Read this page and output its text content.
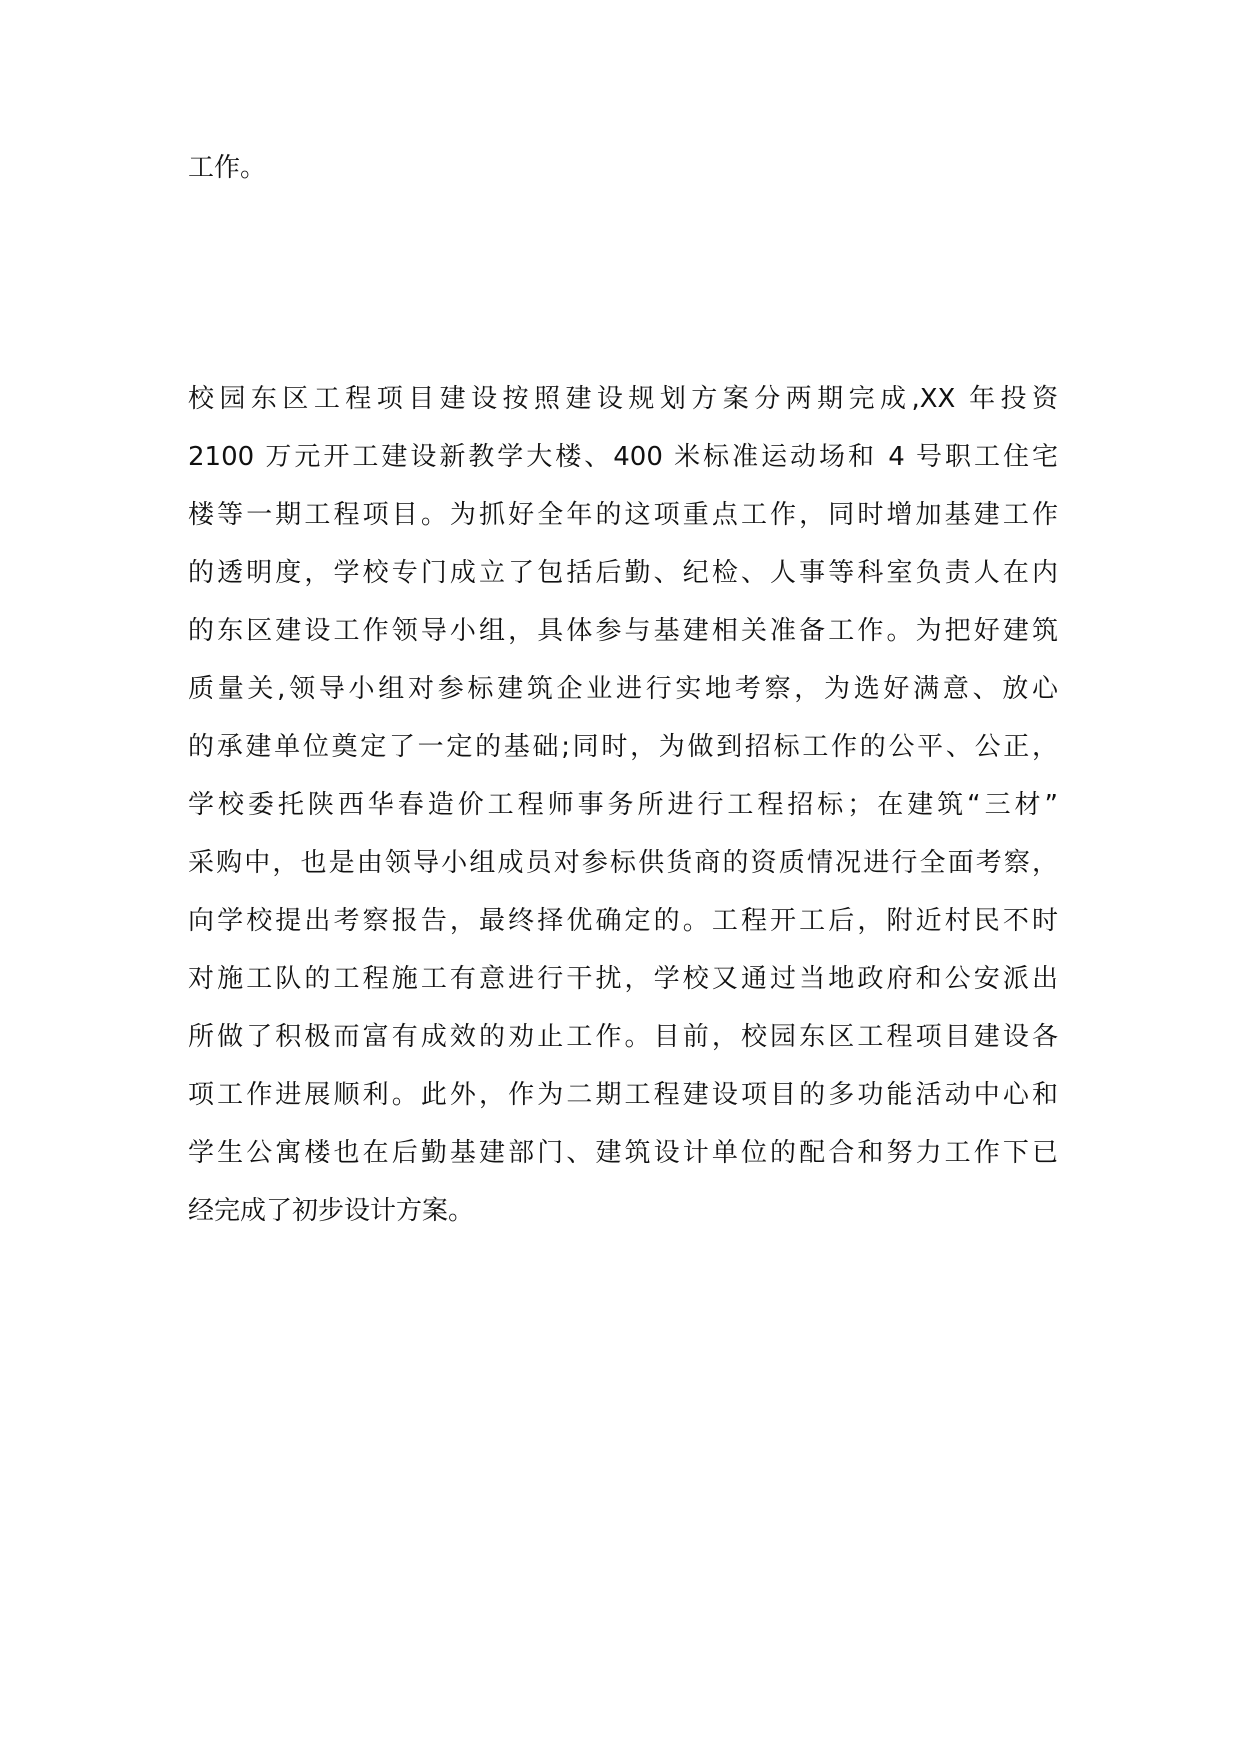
工作。
校园东区工程项目建设按照建设规划方案分两期完成,XX 年投资
2100 万元开工建设新教学大楼、400 米标准运动场和 4 号职工住宅
楼等一期工程项目。为抓好全年的这项重点工作，同时增加基建工作
的透明度，学校专门成立了包括后勤、纪检、人事等科室负责人在内
的东区建设工作领导小组，具体参与基建相关准备工作。为把好建筑
质量关,领导小组对参标建筑企业进行实地考察，为选好满意、放心
的承建单位奠定了一定的基础;同时，为做到招标工作的公平、公正，
学校委托陕西华春造价工程师事务所进行工程招标；在建筑“三材”
采购中，也是由领导小组成员对参标供货商的资质情况进行全面考察，
向学校提出考察报告，最终择优确定的。工程开工后，附近村民不时
对施工队的工程施工有意进行干扰，学校又通过当地政府和公安派出
所做了积极而富有成效的劝止工作。目前，校园东区工程项目建设各
项工作进展顺利。此外，作为二期工程建设项目的多功能活动中心和
学生公寓楼也在后勤基建部门、建筑设计单位的配合和努力工作下已
经完成了初步设计方案。
